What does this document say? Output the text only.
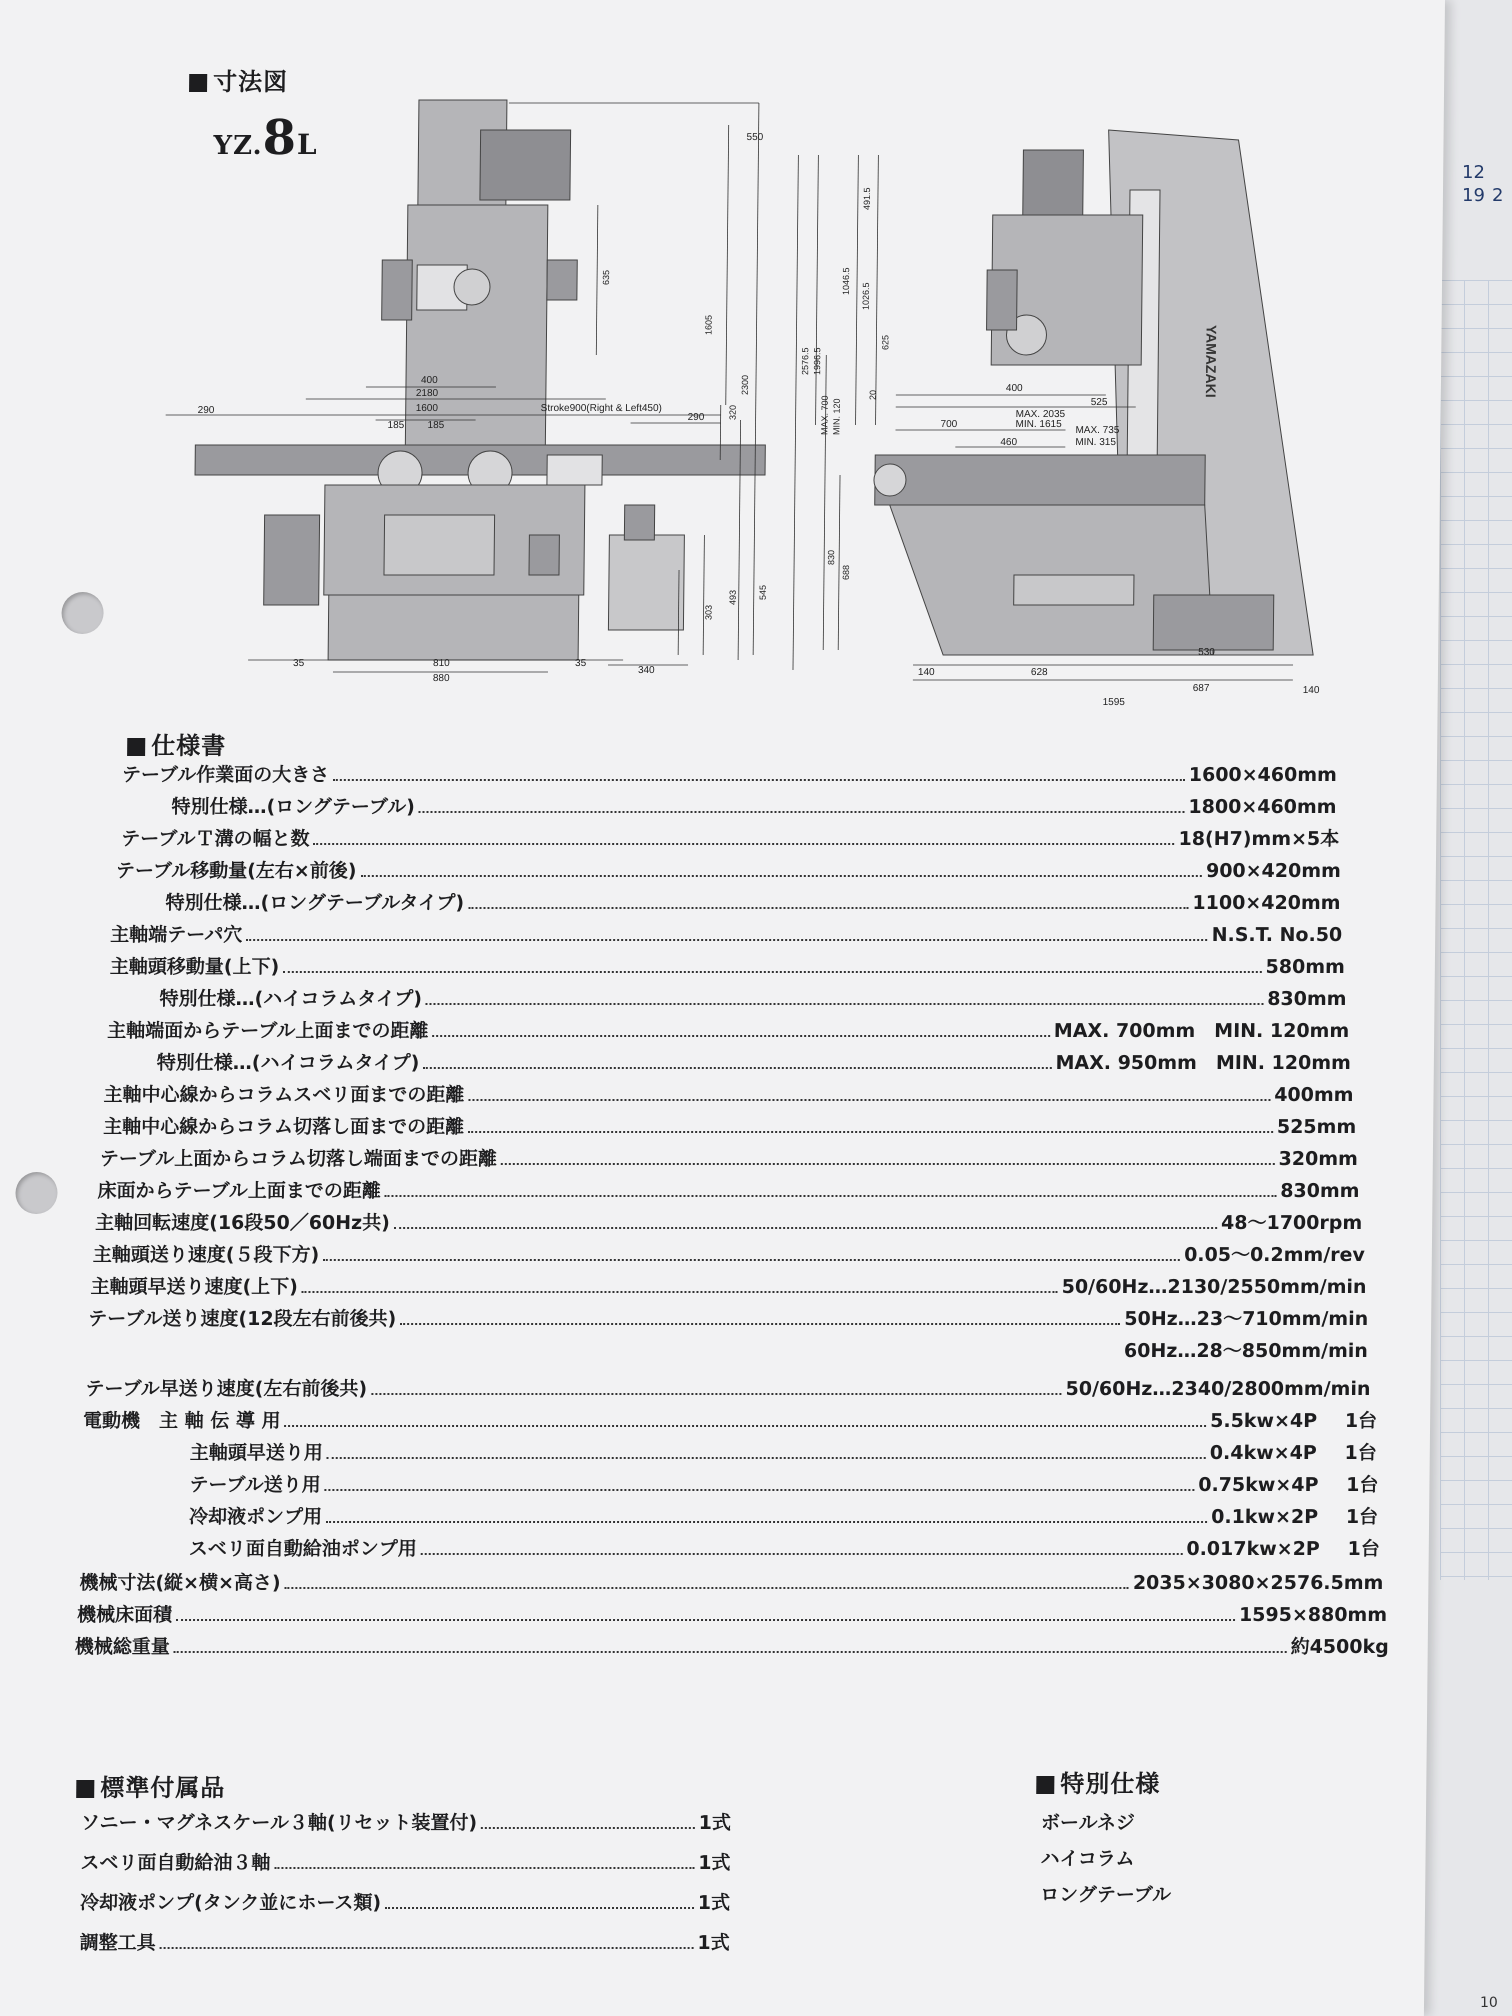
12
19 2
寸法図
YZ.8L	550
1605
2300
635
400
2180
1600
185 185
290
290	320
545
493
303
35	810
880
35
340
Stroke900(Right & Left450)
YAMAZAKI
491.5
1026.5
1046.5
625
2576.5 1996.5
MAX. 700 MIN. 120
20
400
525
MAX. 2035
MIN. 1615
700
MAX. 735
MIN. 315
460
830
688
140	628
687
530
140
1595
仕様書
テーブル作業面の大きさ	1600×460mm
特別仕様…(ロングテーブル)	1800×460mm
テーブルＴ溝の幅と数	18(H7)mm×5本
テーブル移動量(左右×前後)	900×420mm
特別仕様…(ロングテーブルタイプ)	1100×420mm
主軸端テーパ穴	N.S.T. No.50
主軸頭移動量(上下)	580mm
特別仕様…(ハイコラムタイプ)	830mm
主軸端面からテーブル上面までの距離	MAX. 700mm　MIN. 120mm
特別仕様…(ハイコラムタイプ)	MAX. 950mm　MIN. 120mm
主軸中心線からコラムスベリ面までの距離	400mm
主軸中心線からコラム切落し面までの距離	525mm
テーブル上面からコラム切落し端面までの距離	320mm
床面からテーブル上面までの距離	830mm
主軸回転速度(16段50／60Hz共)	48～1700rpm
主軸頭送り速度(５段下方)	0.05～0.2mm/rev
主軸頭早送り速度(上下)	50/60Hz…2130/2550mm/min
テーブル送り速度(12段左右前後共)	50Hz…23～710mm/min
60Hz…28～850mm/min
テーブル早送り速度(左右前後共)	50/60Hz…2340/2800mm/min
電動機　主 軸 伝 導 用	5.5kw×4P	1台
主軸頭早送り用	0.4kw×4P	1台
テーブル送り用	0.75kw×4P	1台
冷却液ポンプ用	0.1kw×2P	1台
スベリ面自動給油ポンプ用	0.017kw×2P	1台
機械寸法(縦×横×高さ)	2035×3080×2576.5mm
機械床面積	1595×880mm
機械総重量	約4500kg
標準付属品
ソニー・マグネスケール３軸(リセット装置付)	1式
スベリ面自動給油３軸	1式
冷却液ポンプ(タンク並にホース類)	1式
調整工具	1式
特別仕様
ボールネジ
ハイコラム
ロングテーブル
10
